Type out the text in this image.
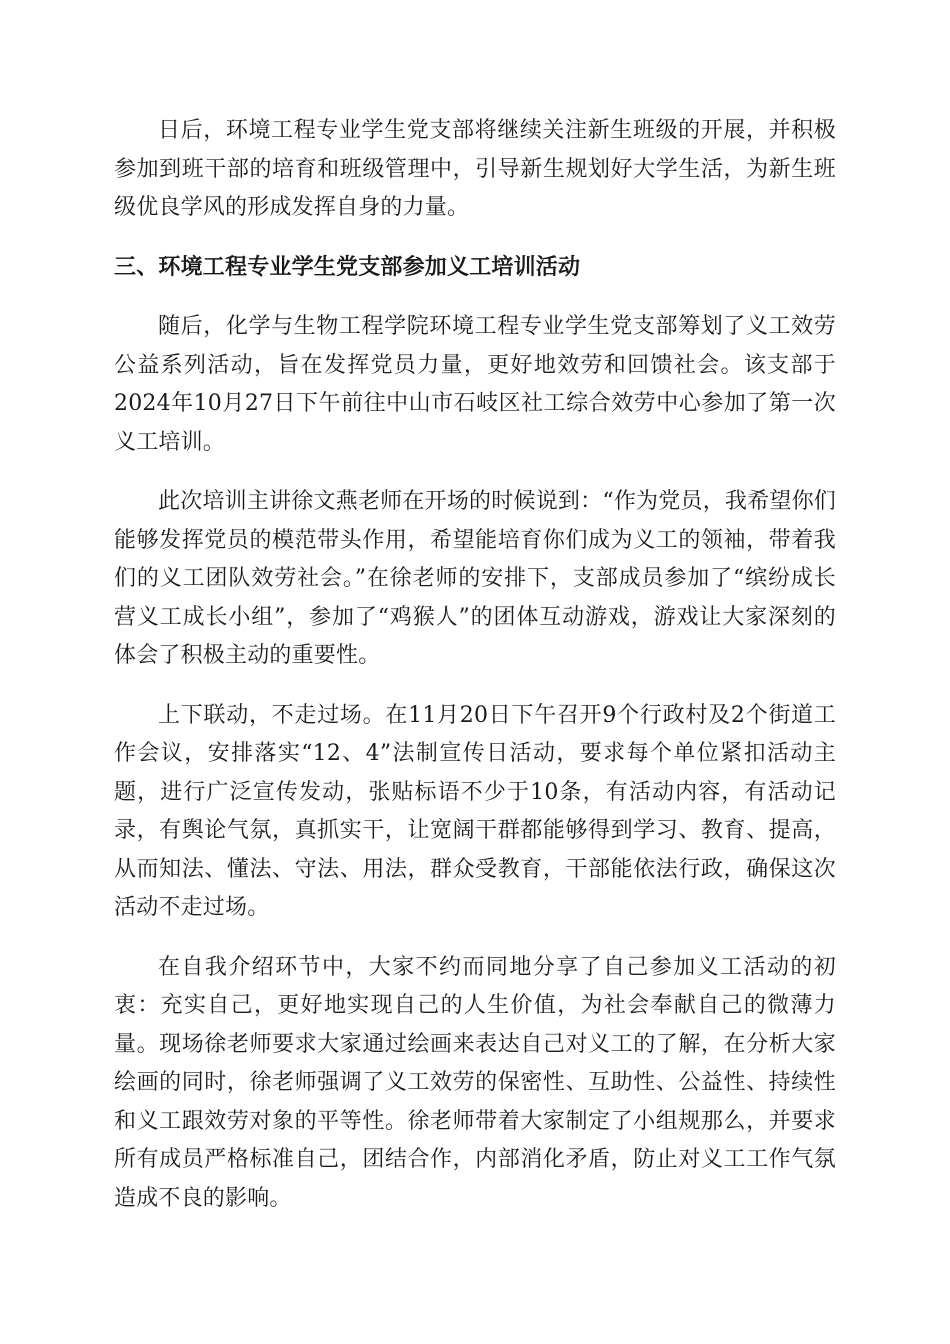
日后，环境工程专业学生党支部将继续关注新生班级的开展，并积极参加到班干部的培育和班级管理中，引导新生规划好大学生活，为新生班级优良学风的形成发挥自身的力量。

三、环境工程专业学生党支部参加义工培训活动

随后，化学与生物工程学院环境工程专业学生党支部筹划了义工效劳公益系列活动，旨在发挥党员力量，更好地效劳和回馈社会。该支部于2024年10月27日下午前往中山市石岐区社工综合效劳中心参加了第一次义工培训。

此次培训主讲徐文燕老师在开场的时候说到：“作为党员，我希望你们能够发挥党员的模范带头作用，希望能培育你们成为义工的领袖，带着我们的义工团队效劳社会。”在徐老师的安排下，支部成员参加了“缤纷成长营义工成长小组”，参加了“鸡猴人”的团体互动游戏，游戏让大家深刻的体会了积极主动的重要性。

上下联动，不走过场。在11月20日下午召开9个行政村及2个街道工作会议，安排落实“12、4”法制宣传日活动，要求每个单位紧扣活动主题，进行广泛宣传发动，张贴标语不少于10条，有活动内容，有活动记录，有舆论气氛，真抓实干，让宽阔干群都能够得到学习、教育、提高，从而知法、懂法、守法、用法，群众受教育，干部能依法行政，确保这次活动不走过场。

在自我介绍环节中，大家不约而同地分享了自己参加义工活动的初衷：充实自己，更好地实现自己的人生价值，为社会奉献自己的微薄力量。现场徐老师要求大家通过绘画来表达自己对义工的了解，在分析大家绘画的同时，徐老师强调了义工效劳的保密性、互助性、公益性、持续性和义工跟效劳对象的平等性。徐老师带着大家制定了小组规那么，并要求所有成员严格标准自己，团结合作，内部消化矛盾，防止对义工工作气氛造成不良的影响。
